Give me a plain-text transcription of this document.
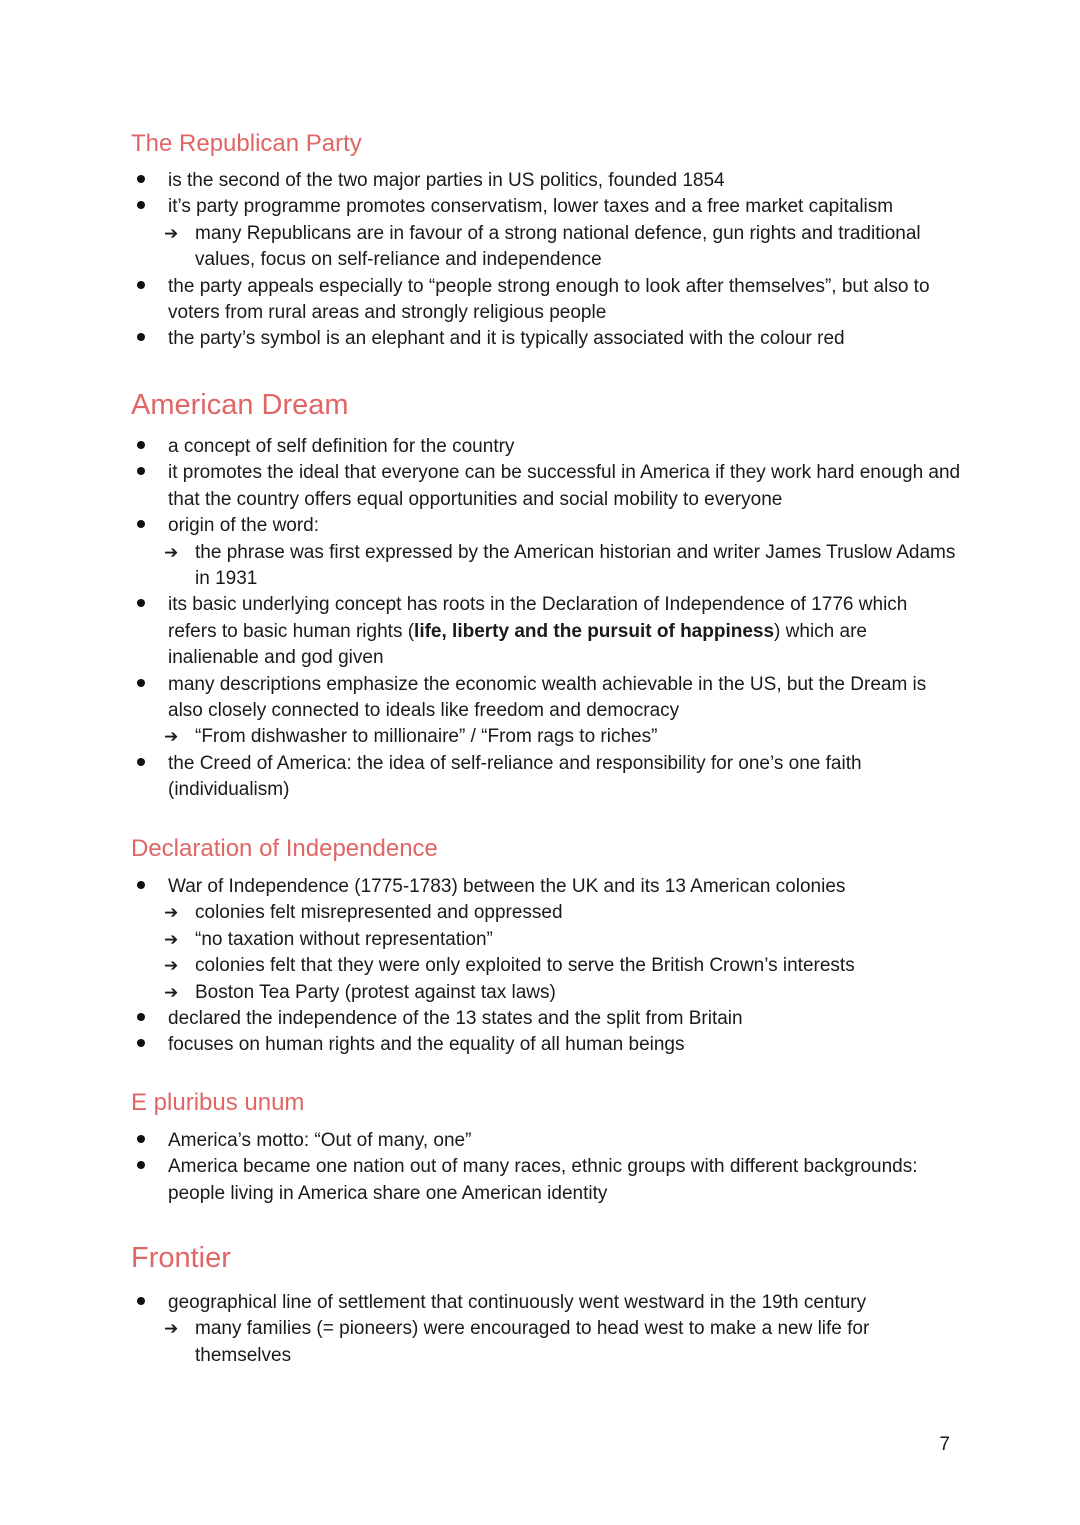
The Republican Party
is the second of the two major parties in US politics, founded 1854
it’s party programme promotes conservatism, lower taxes and a free market capitalism
➔ many Republicans are in favour of a strong national defence, gun rights and traditional values, focus on self-reliance and independence
the party appeals especially to “people strong enough to look after themselves”, but also to voters from rural areas and strongly religious people
the party’s symbol is an elephant and it is typically associated with the colour red
American Dream
a concept of self definition for the country
it promotes the ideal that everyone can be successful in America if they work hard enough and that the country offers equal opportunities and social mobility to everyone
origin of the word:
➔ the phrase was first expressed by the American historian and writer James Truslow Adams in 1931
its basic underlying concept has roots in the Declaration of Independence of 1776 which refers to basic human rights (life, liberty and the pursuit of happiness) which are inalienable and god given
many descriptions emphasize the economic wealth achievable in the US, but the Dream is also closely connected to ideals like freedom and democracy
➔ “From dishwasher to millionaire” / “From rags to riches”
the Creed of America: the idea of self-reliance and responsibility for one’s one faith (individualism)
Declaration of Independence
War of Independence (1775-1783) between the UK and its 13 American colonies
➔ colonies felt misrepresented and oppressed
➔ “no taxation without representation”
➔ colonies felt that they were only exploited to serve the British Crown’s interests
➔ Boston Tea Party (protest against tax laws)
declared the independence of the 13 states and the split from Britain
focuses on human rights and the equality of all human beings
E pluribus unum
America’s motto: “Out of many, one”
America became one nation out of many races, ethnic groups with different backgrounds: people living in America share one American identity
Frontier
geographical line of settlement that continuously went westward in the 19th century
➔ many families (= pioneers) were encouraged to head west to make a new life for themselves
7
